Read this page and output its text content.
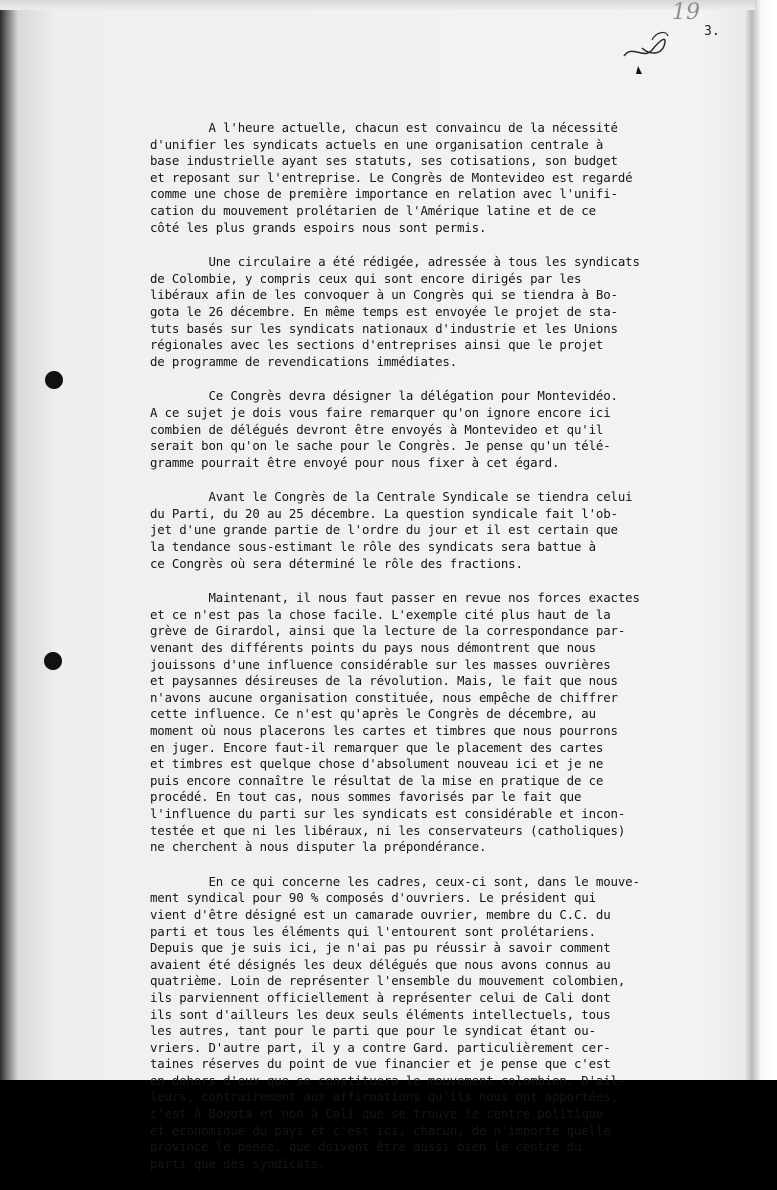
19
3.

A l'heure actuelle, chacun est convaincu de la nécessité
d'unifier les syndicats actuels en une organisation centrale à
base industrielle ayant ses statuts, ses cotisations, son budget
et reposant sur l'entreprise. Le Congrès de Montevideo est regardé
comme une chose de première importance en relation avec l'unifi-
cation du mouvement prolétarien de l'Amérique latine et de ce
côté les plus grands espoirs nous sont permis.

Une circulaire a été rédigée, adressée à tous les syndicats
de Colombie, y compris ceux qui sont encore dirigés par les
libéraux afin de les convoquer à un Congrès qui se tiendra à Bo-
gota le 26 décembre. En même temps est envoyée le projet de sta-
tuts basés sur les syndicats nationaux d'industrie et les Unions
régionales avec les sections d'entreprises ainsi que le projet
de programme de revendications immédiates.

Ce Congrès devra désigner la délégation pour Montevidéo.
A ce sujet je dois vous faire remarquer qu'on ignore encore ici
combien de délégués devront être envoyés à Montevideo et qu'il
serait bon qu'on le sache pour le Congrès. Je pense qu'un télé-
gramme pourrait être envoyé pour nous fixer à cet égard.

Avant le Congrès de la Centrale Syndicale se tiendra celui
du Parti, du 20 au 25 décembre. La question syndicale fait l'ob-
jet d'une grande partie de l'ordre du jour et il est certain que
la tendance sous-estimant le rôle des syndicats sera battue à
ce Congrès où sera déterminé le rôle des fractions.

Maintenant, il nous faut passer en revue nos forces exactes
et ce n'est pas la chose facile. L'exemple cité plus haut de la
grève de Girardol, ainsi que la lecture de la correspondance par-
venant des différents points du pays nous démontrent que nous
jouissons d'une influence considérable sur les masses ouvrières
et paysannes désireuses de la révolution. Mais, le fait que nous
n'avons aucune organisation constituée, nous empêche de chiffrer
cette influence. Ce n'est qu'après le Congrès de décembre, au
moment où nous placerons les cartes et timbres que nous pourrons
en juger. Encore faut-il remarquer que le placement des cartes
et timbres est quelque chose d'absolument nouveau ici et je ne
puis encore connaître le résultat de la mise en pratique de ce
procédé. En tout cas, nous sommes favorisés par le fait que
l'influence du parti sur les syndicats est considérable et incon-
testée et que ni les libéraux, ni les conservateurs (catholiques)
ne cherchent à nous disputer la prépondérance.

En ce qui concerne les cadres, ceux-ci sont, dans le mouve-
ment syndical pour 90 % composés d'ouvriers. Le président qui
vient d'être désigné est un camarade ouvrier, membre du C.C. du
parti et tous les éléments qui l'entourent sont prolétariens.
Depuis que je suis ici, je n'ai pas pu réussir à savoir comment
avaient été désignés les deux délégués que nous avons connus au
quatrième. Loin de représenter l'ensemble du mouvement colombien,
ils parviennent officiellement à représenter celui de Cali dont
ils sont d'ailleurs les deux seuls éléments intellectuels, tous
les autres, tant pour le parti que pour le syndicat étant ou-
vriers. D'autre part, il y a contre Gard. particulièrement cer-
taines réserves du point de vue financier et je pense que c'est
en dehors d'eux que se constituera le mouvement colombien. D'ail-
leurs, contrairement aux affirmations qu'ils nous ont apportées,
c'est à Bogota et non à Cali que se trouve le centre politique
et économique du pays et c'est ici, chacun, de n'importe quelle
province le pense, que doivent être aussi bien le centre du
parti que des syndicats.
